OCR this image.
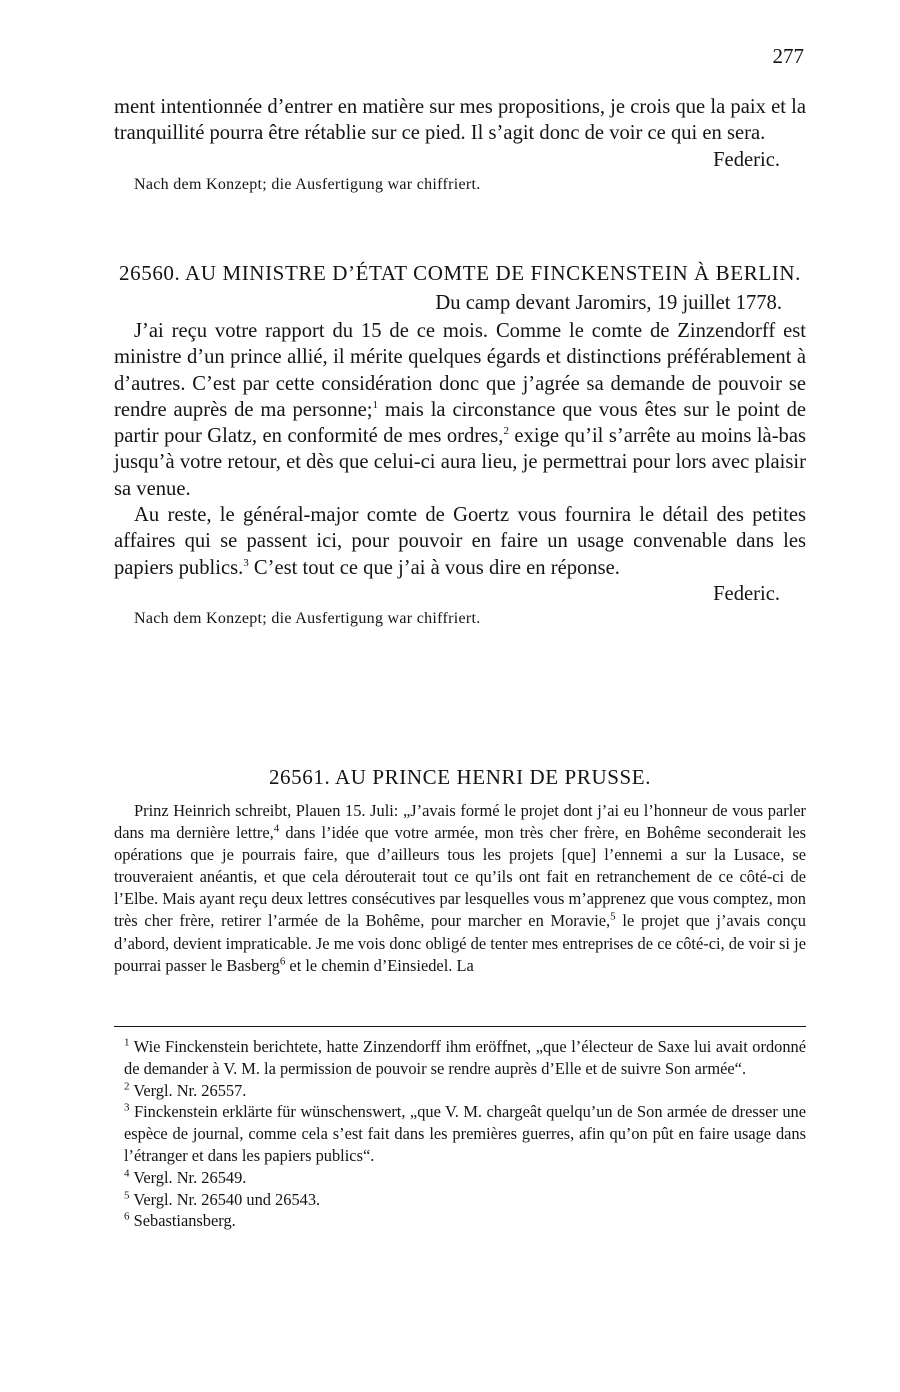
277

ment intentionnée d’entrer en matière sur mes propositions, je crois que la paix et la tranquillité pourra être rétablie sur ce pied. Il s’agit donc de voir ce qui en sera.

Federic.

Nach dem Konzept; die Ausfertigung war chiffriert.

26560. AU MINISTRE D’ÉTAT COMTE DE FINCKENSTEIN À BERLIN.

Du camp devant Jaromirs, 19 juillet 1778.

J’ai reçu votre rapport du 15 de ce mois. Comme le comte de Zinzendorff est ministre d’un prince allié, il mérite quelques égards et distinctions préférablement à d’autres. C’est par cette considération donc que j’agrée sa demande de pouvoir se rendre auprès de ma personne;$^1$ mais la circonstance que vous êtes sur le point de partir pour Glatz, en conformité de mes ordres,$^2$ exige qu’il s’arrête au moins là-bas jusqu’à votre retour, et dès que celui-ci aura lieu, je permettrai pour lors avec plaisir sa venue.

Au reste, le général-major comte de Goertz vous fournira le détail des petites affaires qui se passent ici, pour pouvoir en faire un usage convenable dans les papiers publics.$^3$ C’est tout ce que j’ai à vous dire en réponse.

Federic.

Nach dem Konzept; die Ausfertigung war chiffriert.

26561. AU PRINCE HENRI DE PRUSSE.

Prinz Heinrich schreibt, Plauen 15. Juli: „J’avais formé le projet dont j’ai eu l’honneur de vous parler dans ma dernière lettre,$^4$ dans l’idée que votre armée, mon très cher frère, en Bohême seconderait les opérations que je pourrais faire, que d’ailleurs tous les projets [que] l’ennemi a sur la Lusace, se trouveraient anéantis, et que cela dérouterait tout ce qu’ils ont fait en retranchement de ce côté-ci de l’Elbe. Mais ayant reçu deux lettres consécutives par lesquelles vous m’apprenez que vous comptez, mon très cher frère, retirer l’armée de la Bohême, pour marcher en Moravie,$^5$ le projet que j’avais conçu d’abord, devient impraticable. Je me vois donc obligé de tenter mes entreprises de ce côté-ci, de voir si je pourrai passer le Basberg$^6$ et le chemin d’Einsiedel. La

$^1$ Wie Finckenstein berichtete, hatte Zinzendorff ihm eröffnet, „que l’électeur de Saxe lui avait ordonné de demander à V. M. la permission de pouvoir se rendre auprès d’Elle et de suivre Son armée“.

$^2$ Vergl. Nr. 26557.

$^3$ Finckenstein erklärte für wünschenswert, „que V. M. chargeât quelqu’un de Son armée de dresser une espèce de journal, comme cela s’est fait dans les premières guerres, afin qu’on pût en faire usage dans l’étranger et dans les papiers publics“.

$^4$ Vergl. Nr. 26549.

$^5$ Vergl. Nr. 26540 und 26543.

$^6$ Sebastiansberg.
